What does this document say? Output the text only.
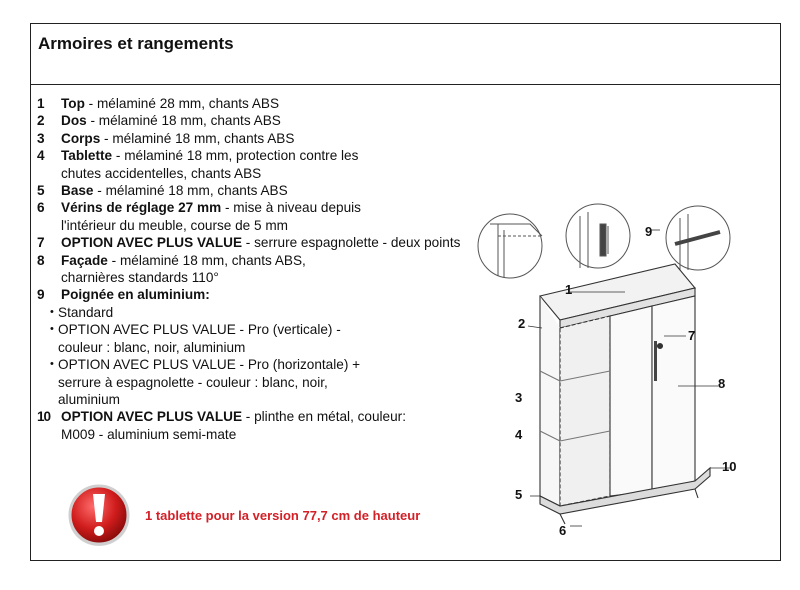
Armoires et rangements
1	Top - mélaminé 28 mm, chants ABS
2	Dos - mélaminé 18 mm, chants ABS
3	Corps - mélaminé 18 mm, chants ABS
4	Tablette - mélaminé 18 mm, protection contre les chutes accidentelles, chants ABS
5	Base - mélaminé 18 mm, chants ABS
6	Vérins de réglage 27 mm - mise à niveau depuis l'intérieur du meuble, course de 5 mm
7	OPTION AVEC PLUS VALUE - serrure espagnolette - deux points
8	Façade - mélaminé 18 mm, chants ABS, charnières standards 110°
9	Poignée en aluminium:
• Standard
• OPTION AVEC PLUS VALUE - Pro (verticale) - couleur : blanc, noir, aluminium
• OPTION AVEC PLUS VALUE - Pro (horizontale) + serrure à espagnolette - couleur : blanc, noir, aluminium
10 OPTION AVEC PLUS VALUE - plinthe en métal, couleur: M009 - aluminium semi-mate
1 tablette pour la version 77,7 cm de hauteur
1
2
3
4
5
6
7
8
9
10
